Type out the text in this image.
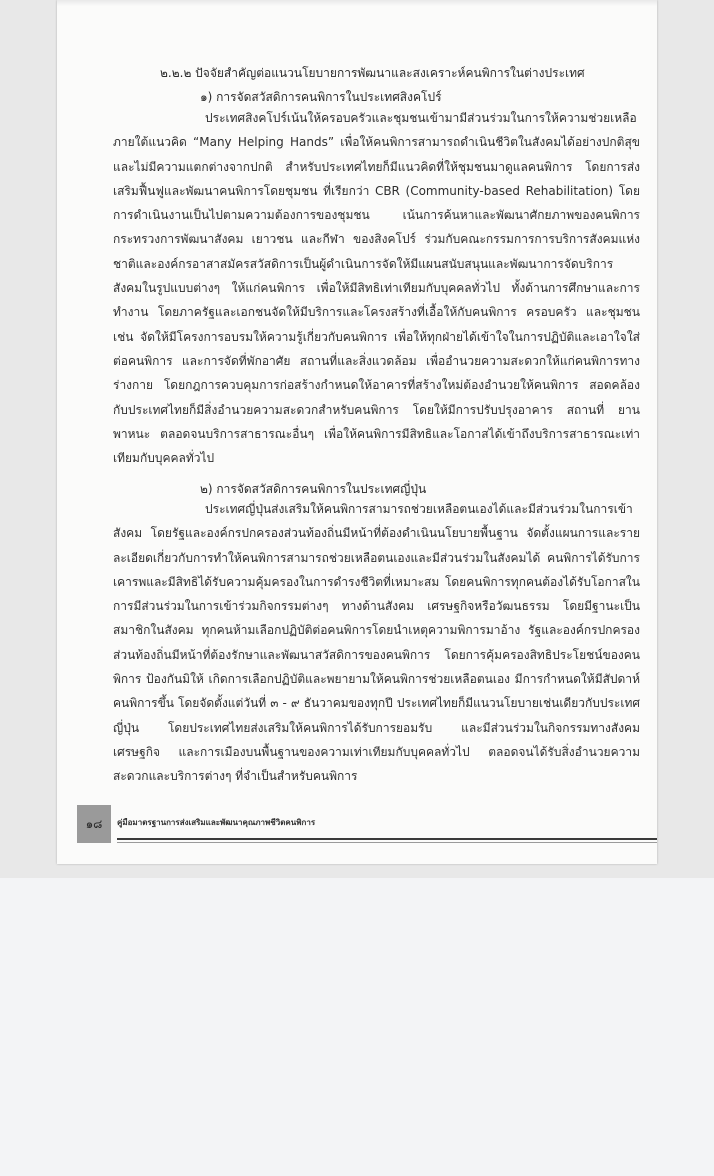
๒.๒.๒ ปัจจัยสำคัญต่อแนวนโยบายการพัฒนาและสงเคราะห์คนพิการในต่างประเทศ
๑) การจัดสวัสดิการคนพิการในประเทศสิงคโปร์

ประเทศสิงคโปร์เน้นให้ครอบครัวและชุมชนเข้ามามีส่วนร่วมในการให้ความช่วยเหลือภายใต้แนวคิด “Many Helping Hands” เพื่อให้คนพิการสามารถดำเนินชีวิตในสังคมได้อย่างปกติสุขและไม่มีความแตกต่างจากปกติ สำหรับประเทศไทยก็มีแนวคิดที่ให้ชุมชนมาดูแลคนพิการ โดยการส่งเสริมฟื้นฟูและพัฒนาคนพิการโดยชุมชน ที่เรียกว่า CBR (Community-based Rehabilitation) โดยการดำเนินงานเป็นไปตามความต้องการของชุมชน เน้นการค้นหาและพัฒนาศักยภาพของคนพิการ กระทรวงการพัฒนาสังคม เยาวชน และกีฬา ของสิงคโปร์ ร่วมกับคณะกรรมการการบริการสังคมแห่งชาติและองค์กรอาสาสมัครสวัสดิการเป็นผู้ดำเนินการจัดให้มีแผนสนับสนุนและพัฒนาการจัดบริการสังคมในรูปแบบต่างๆ ให้แก่คนพิการ เพื่อให้มีสิทธิเท่าเทียมกับบุคคลทั่วไป ทั้งด้านการศึกษาและการทำงาน โดยภาครัฐและเอกชนจัดให้มีบริการและโครงสร้างที่เอื้อให้กับคนพิการ ครอบครัว และชุมชน เช่น จัดให้มีโครงการอบรมให้ความรู้เกี่ยวกับคนพิการ เพื่อให้ทุกฝ่ายได้เข้าใจในการปฏิบัติและเอาใจใส่ต่อคนพิการ และการจัดที่พักอาศัย สถานที่และสิ่งแวดล้อม เพื่ออำนวยความสะดวกให้แก่คนพิการทางร่างกาย โดยกฎการควบคุมการก่อสร้างกำหนดให้อาคารที่สร้างใหม่ต้องอำนวยให้คนพิการ สอดคล้องกับประเทศไทยก็มีสิ่งอำนวยความสะดวกสำหรับคนพิการ โดยให้มีการปรับปรุงอาคาร สถานที่ ยานพาหนะ ตลอดจนบริการสาธารณะอื่นๆ เพื่อให้คนพิการมีสิทธิและโอกาสได้เข้าถึงบริการสาธารณะเท่าเทียมกับบุคคลทั่วไป

๒) การจัดสวัสดิการคนพิการในประเทศญี่ปุ่น

ประเทศญี่ปุ่นส่งเสริมให้คนพิการสามารถช่วยเหลือตนเองได้และมีส่วนร่วมในการเข้าสังคม โดยรัฐและองค์กรปกครองส่วนท้องถิ่นมีหน้าที่ต้องดำเนินนโยบายพื้นฐาน จัดตั้งแผนการและรายละเอียดเกี่ยวกับการทำให้คนพิการสามารถช่วยเหลือตนเองและมีส่วนร่วมในสังคมได้ คนพิการได้รับการเคารพและมีสิทธิได้รับความคุ้มครองในการดำรงชีวิตที่เหมาะสม โดยคนพิการทุกคนต้องได้รับโอกาสในการมีส่วนร่วมในการเข้าร่วมกิจกรรมต่างๆ ทางด้านสังคม เศรษฐกิจหรือวัฒนธรรม โดยมีฐานะเป็นสมาชิกในสังคม ทุกคนห้ามเลือกปฏิบัติต่อคนพิการโดยนำเหตุความพิการมาอ้าง รัฐและองค์กรปกครองส่วนท้องถิ่นมีหน้าที่ต้องรักษาและพัฒนาสวัสดิการของคนพิการ โดยการคุ้มครองสิทธิประโยชน์ของคนพิการ ป้องกันมิให้ เกิดการเลือกปฏิบัติและพยายามให้คนพิการช่วยเหลือตนเอง มีการกำหนดให้มีสัปดาห์คนพิการขึ้น โดยจัดตั้งแต่วันที่ ๓ - ๙ ธันวาคมของทุกปี ประเทศไทยก็มีแนวนโยบายเช่นเดียวกับประเทศญี่ปุ่น โดยประเทศไทยส่งเสริมให้คนพิการได้รับการยอมรับ และมีส่วนร่วมในกิจกรรมทางสังคม เศรษฐกิจ และการเมืองบนพื้นฐานของความเท่าเทียมกับบุคคลทั่วไป ตลอดจนได้รับสิ่งอำนวยความสะดวกและบริการต่างๆ ที่จำเป็นสำหรับคนพิการ

๑๘ คู่มือมาตรฐานการส่งเสริมและพัฒนาคุณภาพชีวิตคนพิการ
